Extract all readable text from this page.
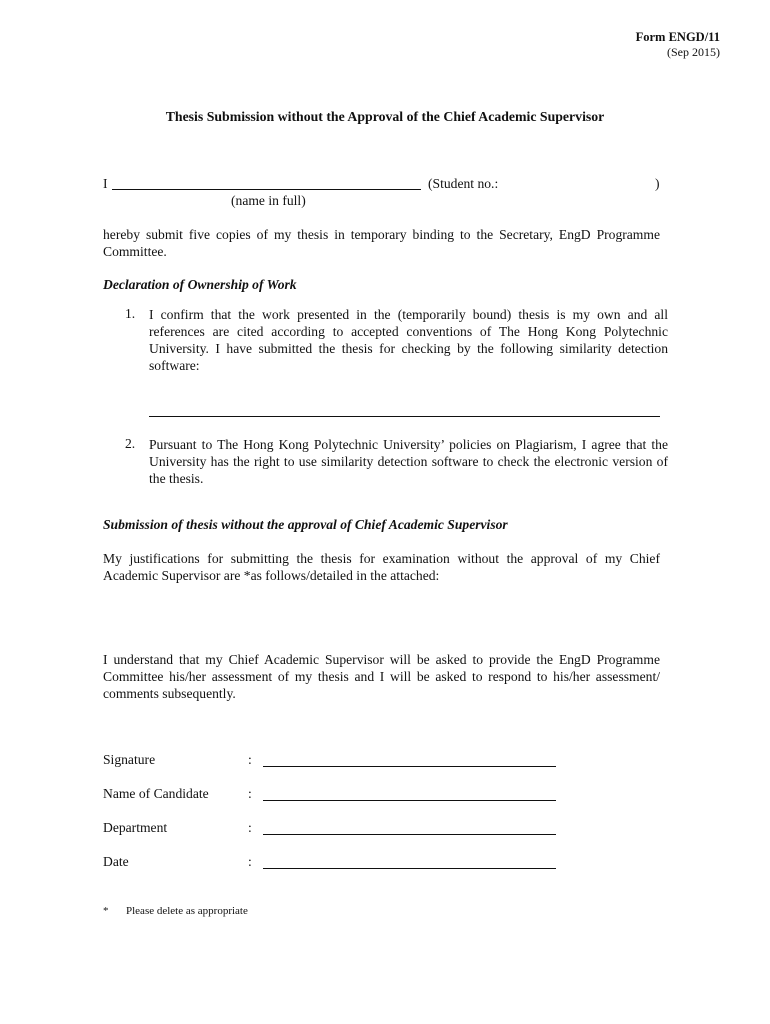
Form ENGD/11
(Sep 2015)
Thesis Submission without the Approval of the Chief Academic Supervisor
I	(Student no.:	)
(name in full)
hereby submit five copies of my thesis in temporary binding to the Secretary, EngD Programme Committee.
Declaration of Ownership of Work
1. I confirm that the work presented in the (temporarily bound) thesis is my own and all references are cited according to accepted conventions of The Hong Kong Polytechnic University. I have submitted the thesis for checking by the following similarity detection software:
2. Pursuant to The Hong Kong Polytechnic University’ policies on Plagiarism, I agree that the University has the right to use similarity detection software to check the electronic version of the thesis.
Submission of thesis without the approval of Chief Academic Supervisor
My justifications for submitting the thesis for examination without the approval of my Chief Academic Supervisor are *as follows/detailed in the attached:
I understand that my Chief Academic Supervisor will be asked to provide the EngD Programme Committee his/her assessment of my thesis and I will be asked to respond to his/her assessment/ comments subsequently.
Signature	:
Name of Candidate	:
Department	:
Date	:
* Please delete as appropriate
